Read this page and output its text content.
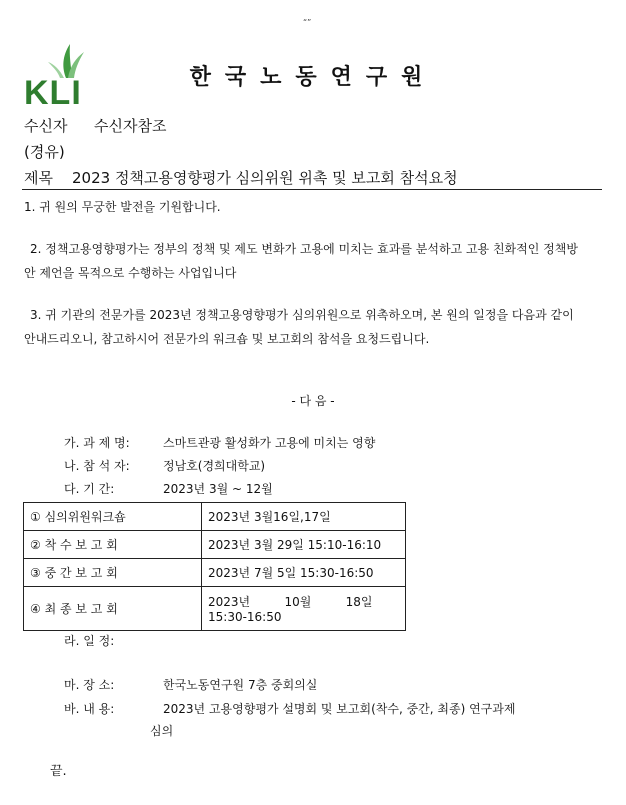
“”
KLI	한국노동연구원
수신자 수신자참조
(경유)
제목 2023 정책고용영향평가 심의위원 위촉 및 보고회 참석요청
1. 귀 원의 무궁한 발전을 기원합니다.
2. 정책고용영향평가는 정부의 정책 및 제도 변화가 고용에 미치는 효과를 분석하고 고용 친화적인 정책방안 제언을 목적으로 수행하는 사업입니다
3. 귀 기관의 전문가를 2023년 정책고용영향평가 심의위원으로 위촉하오며, 본 원의 일정을 다음과 같이 안내드리오니, 참고하시어 전문가의 워크숍 및 보고회의 참석을 요청드립니다.
- 다 음 -
가. 과 제 명:	스마트관광 활성화가 고용에 미치는 영향
나. 참 석 자:	정남호(경희대학교)
다. 기 간:	2023년 3월 ~ 12월
① 심의위원워크숍	2023년 3월16일,17일
② 착 수 보 고 회	2023년 3월 29일 15:10-16:10
③ 중 간 보 고 회	2023년 7월 5일 15:30-16:50
④ 최 종 보 고 회	2023년         10월         18일
15:30-16:50
라. 일 정:
마. 장 소:	한국노동연구원 7층 중회의실
바. 내 용:	2023년 고용영향평가 설명회 및 보고회(착수, 중간, 최종) 연구과제
심의
끝.
